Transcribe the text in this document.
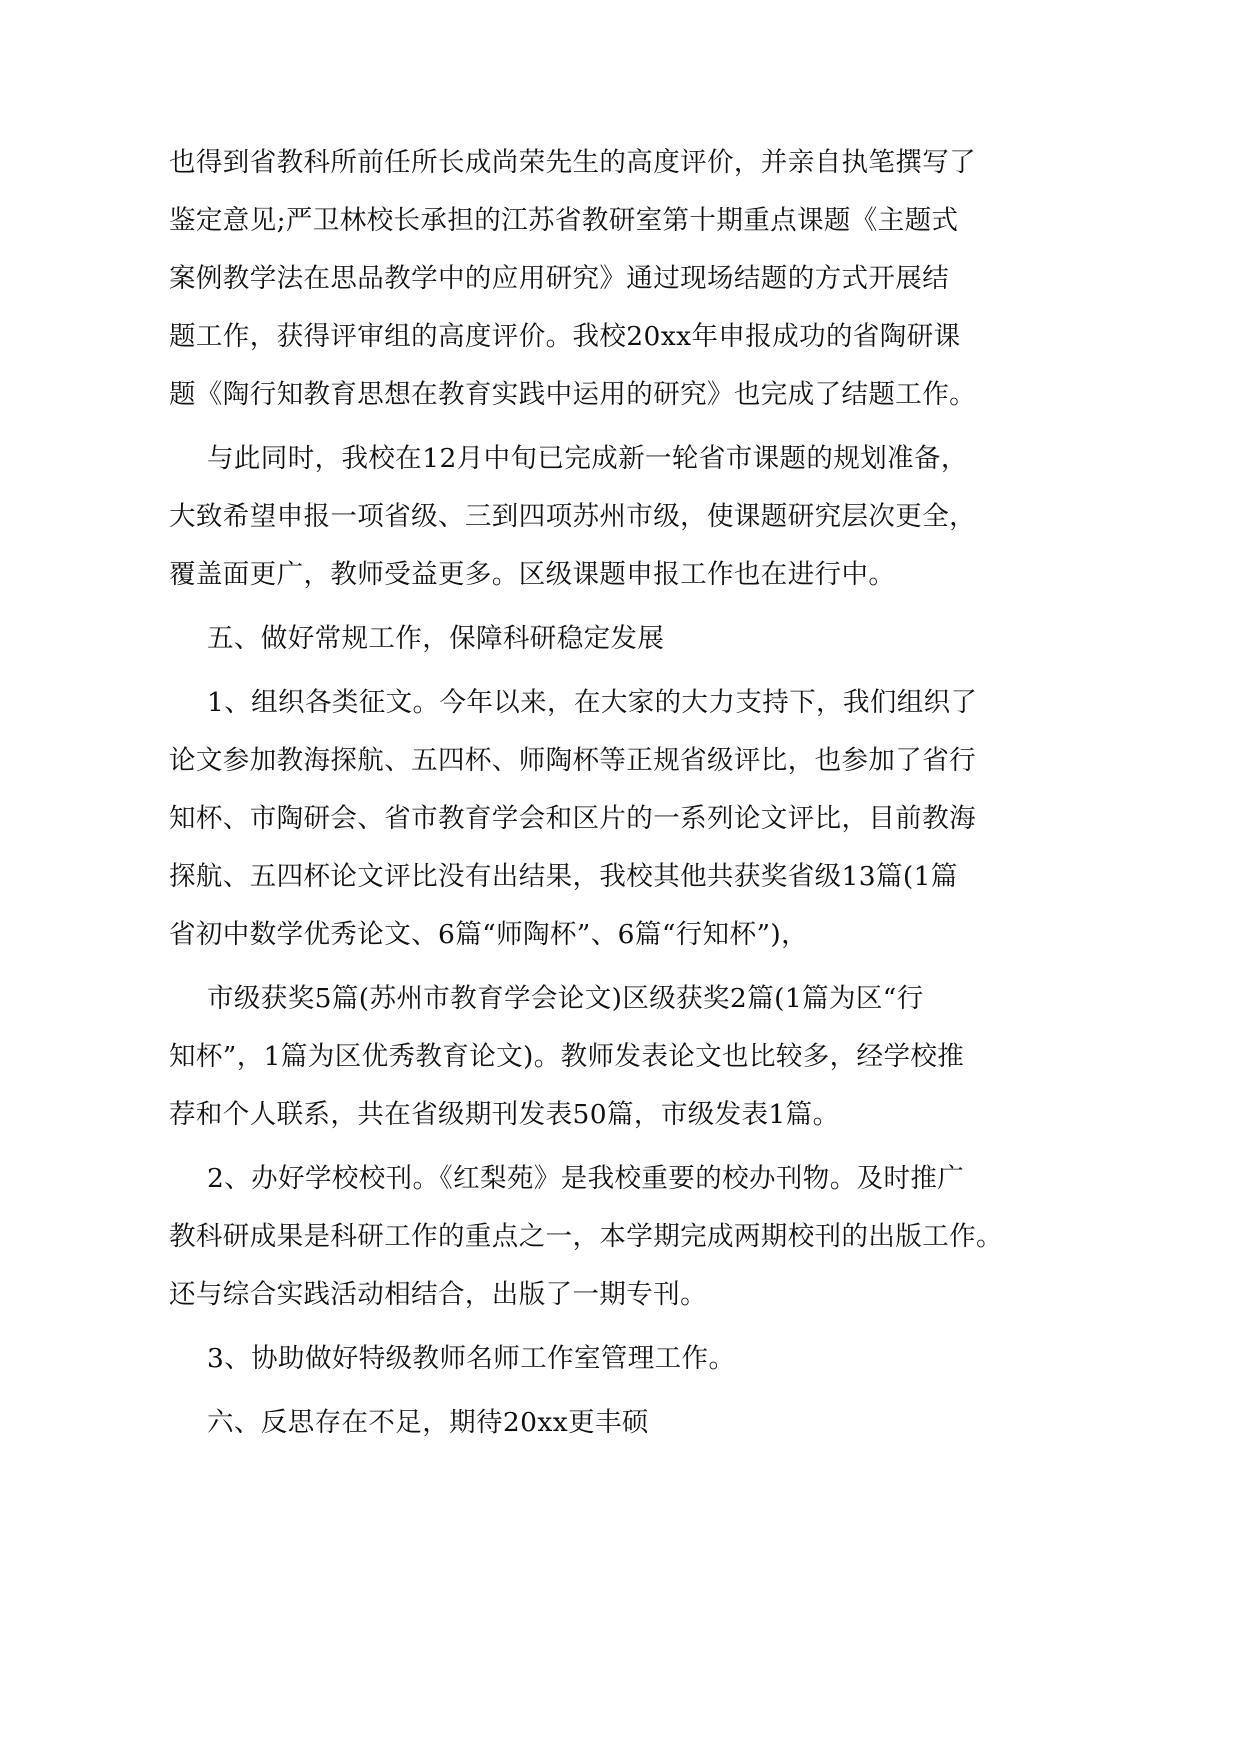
也得到省教科所前任所长成尚荣先生的高度评价，并亲自执笔撰写了
鉴定意见;严卫林校长承担的江苏省教研室第十期重点课题《主题式
案例教学法在思品教学中的应用研究》通过现场结题的方式开展结
题工作，获得评审组的高度评价。我校20xx年申报成功的省陶研课
题《陶行知教育思想在教育实践中运用的研究》也完成了结题工作。
与此同时，我校在12月中旬已完成新一轮省市课题的规划准备，
大致希望申报一项省级、三到四项苏州市级，使课题研究层次更全，
覆盖面更广，教师受益更多。区级课题申报工作也在进行中。
五、做好常规工作，保障科研稳定发展
1、组织各类征文。今年以来，在大家的大力支持下，我们组织了
论文参加教海探航、五四杯、师陶杯等正规省级评比，也参加了省行
知杯、市陶研会、省市教育学会和区片的一系列论文评比，目前教海
探航、五四杯论文评比没有出结果，我校其他共获奖省级13篇(1篇
省初中数学优秀论文、6篇“师陶杯”、6篇“行知杯”)，
市级获奖5篇(苏州市教育学会论文)区级获奖2篇(1篇为区“行
知杯”，1篇为区优秀教育论文)。教师发表论文也比较多，经学校推
荐和个人联系，共在省级期刊发表50篇，市级发表1篇。
2、办好学校校刊。《红梨苑》是我校重要的校办刊物。及时推广
教科研成果是科研工作的重点之一，本学期完成两期校刊的出版工作。
还与综合实践活动相结合，出版了一期专刊。
3、协助做好特级教师名师工作室管理工作。
六、反思存在不足，期待20xx更丰硕
